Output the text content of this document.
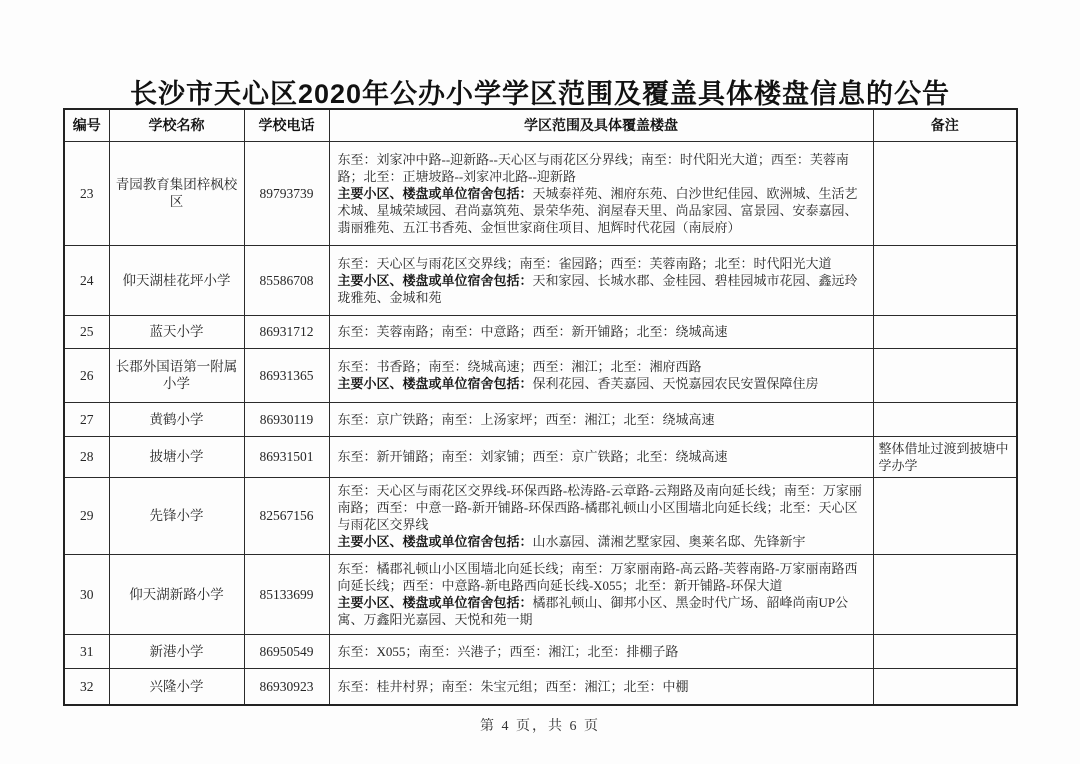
长沙市天心区2020年公办小学学区范围及覆盖具体楼盘信息的公告
编号	学校名称	学校电话	学区范围及具体覆盖楼盘	备注
23	青园教育集团梓枫校区	89793739	东至：刘家冲中路--迎新路--天心区与雨花区分界线；南至：时代阳光大道；西至：芙蓉南路；北至：正塘坡路--刘家冲北路--迎新路
主要小区、楼盘或单位宿舍包括：天城泰祥苑、湘府东苑、白沙世纪佳园、欧洲城、生活艺术城、星城荣域园、君尚嘉筑苑、景荣华苑、润屋春天里、尚品家园、富景园、安泰嘉园、翡丽雅苑、五江书香苑、金恒世家商住项目、旭辉时代花园（南辰府）	

24	仰天湖桂花坪小学	85586708	东至：天心区与雨花区交界线；南至：雀园路；西至：芙蓉南路；北至：时代阳光大道
主要小区、楼盘或单位宿舍包括：天和家园、长城水郡、金桂园、碧桂园城市花园、鑫远玲珑雅苑、金城和苑	

25	蓝天小学	86931712	东至：芙蓉南路；南至：中意路；西至：新开铺路；北至：绕城高速	

26	长郡外国语第一附属小学	86931365	东至：书香路；南至：绕城高速；西至：湘江；北至：湘府西路
主要小区、楼盘或单位宿舍包括：保利花园、香芙嘉园、天悦嘉园农民安置保障住房	

27	黄鹤小学	86930119	东至：京广铁路；南至：上汤家坪；西至：湘江；北至：绕城高速	

28	披塘小学	86931501	东至：新开铺路；南至：刘家铺；西至：京广铁路；北至：绕城高速	整体借址过渡到披塘中学办学
29	先锋小学	82567156	东至：天心区与雨花区交界线-环保西路-松涛路-云章路-云翔路及南向延长线；南至：万家丽南路；西至：中意一路-新开铺路-环保西路-橘郡礼顿山小区围墙北向延长线；北至：天心区与雨花区交界线
主要小区、楼盘或单位宿舍包括：山水嘉园、潇湘艺墅家园、奥莱名邸、先锋新宇	

30	仰天湖新路小学	85133699	东至：橘郡礼顿山小区围墙北向延长线；南至：万家丽南路-高云路-芙蓉南路-万家丽南路西向延长线；西至：中意路-新电路西向延长线-X055；北至：新开铺路-环保大道
主要小区、楼盘或单位宿舍包括：橘郡礼顿山、御邦小区、黑金时代广场、韶峰尚南UP公寓、万鑫阳光嘉园、天悦和苑一期	

31	新港小学	86950549	东至：X055；南至：兴港子；西至：湘江；北至：排棚子路	

32	兴隆小学	86930923	东至：桂井村界；南至：朱宝元组；西至：湘江；北至：中棚	

第 4 页，共 6 页
